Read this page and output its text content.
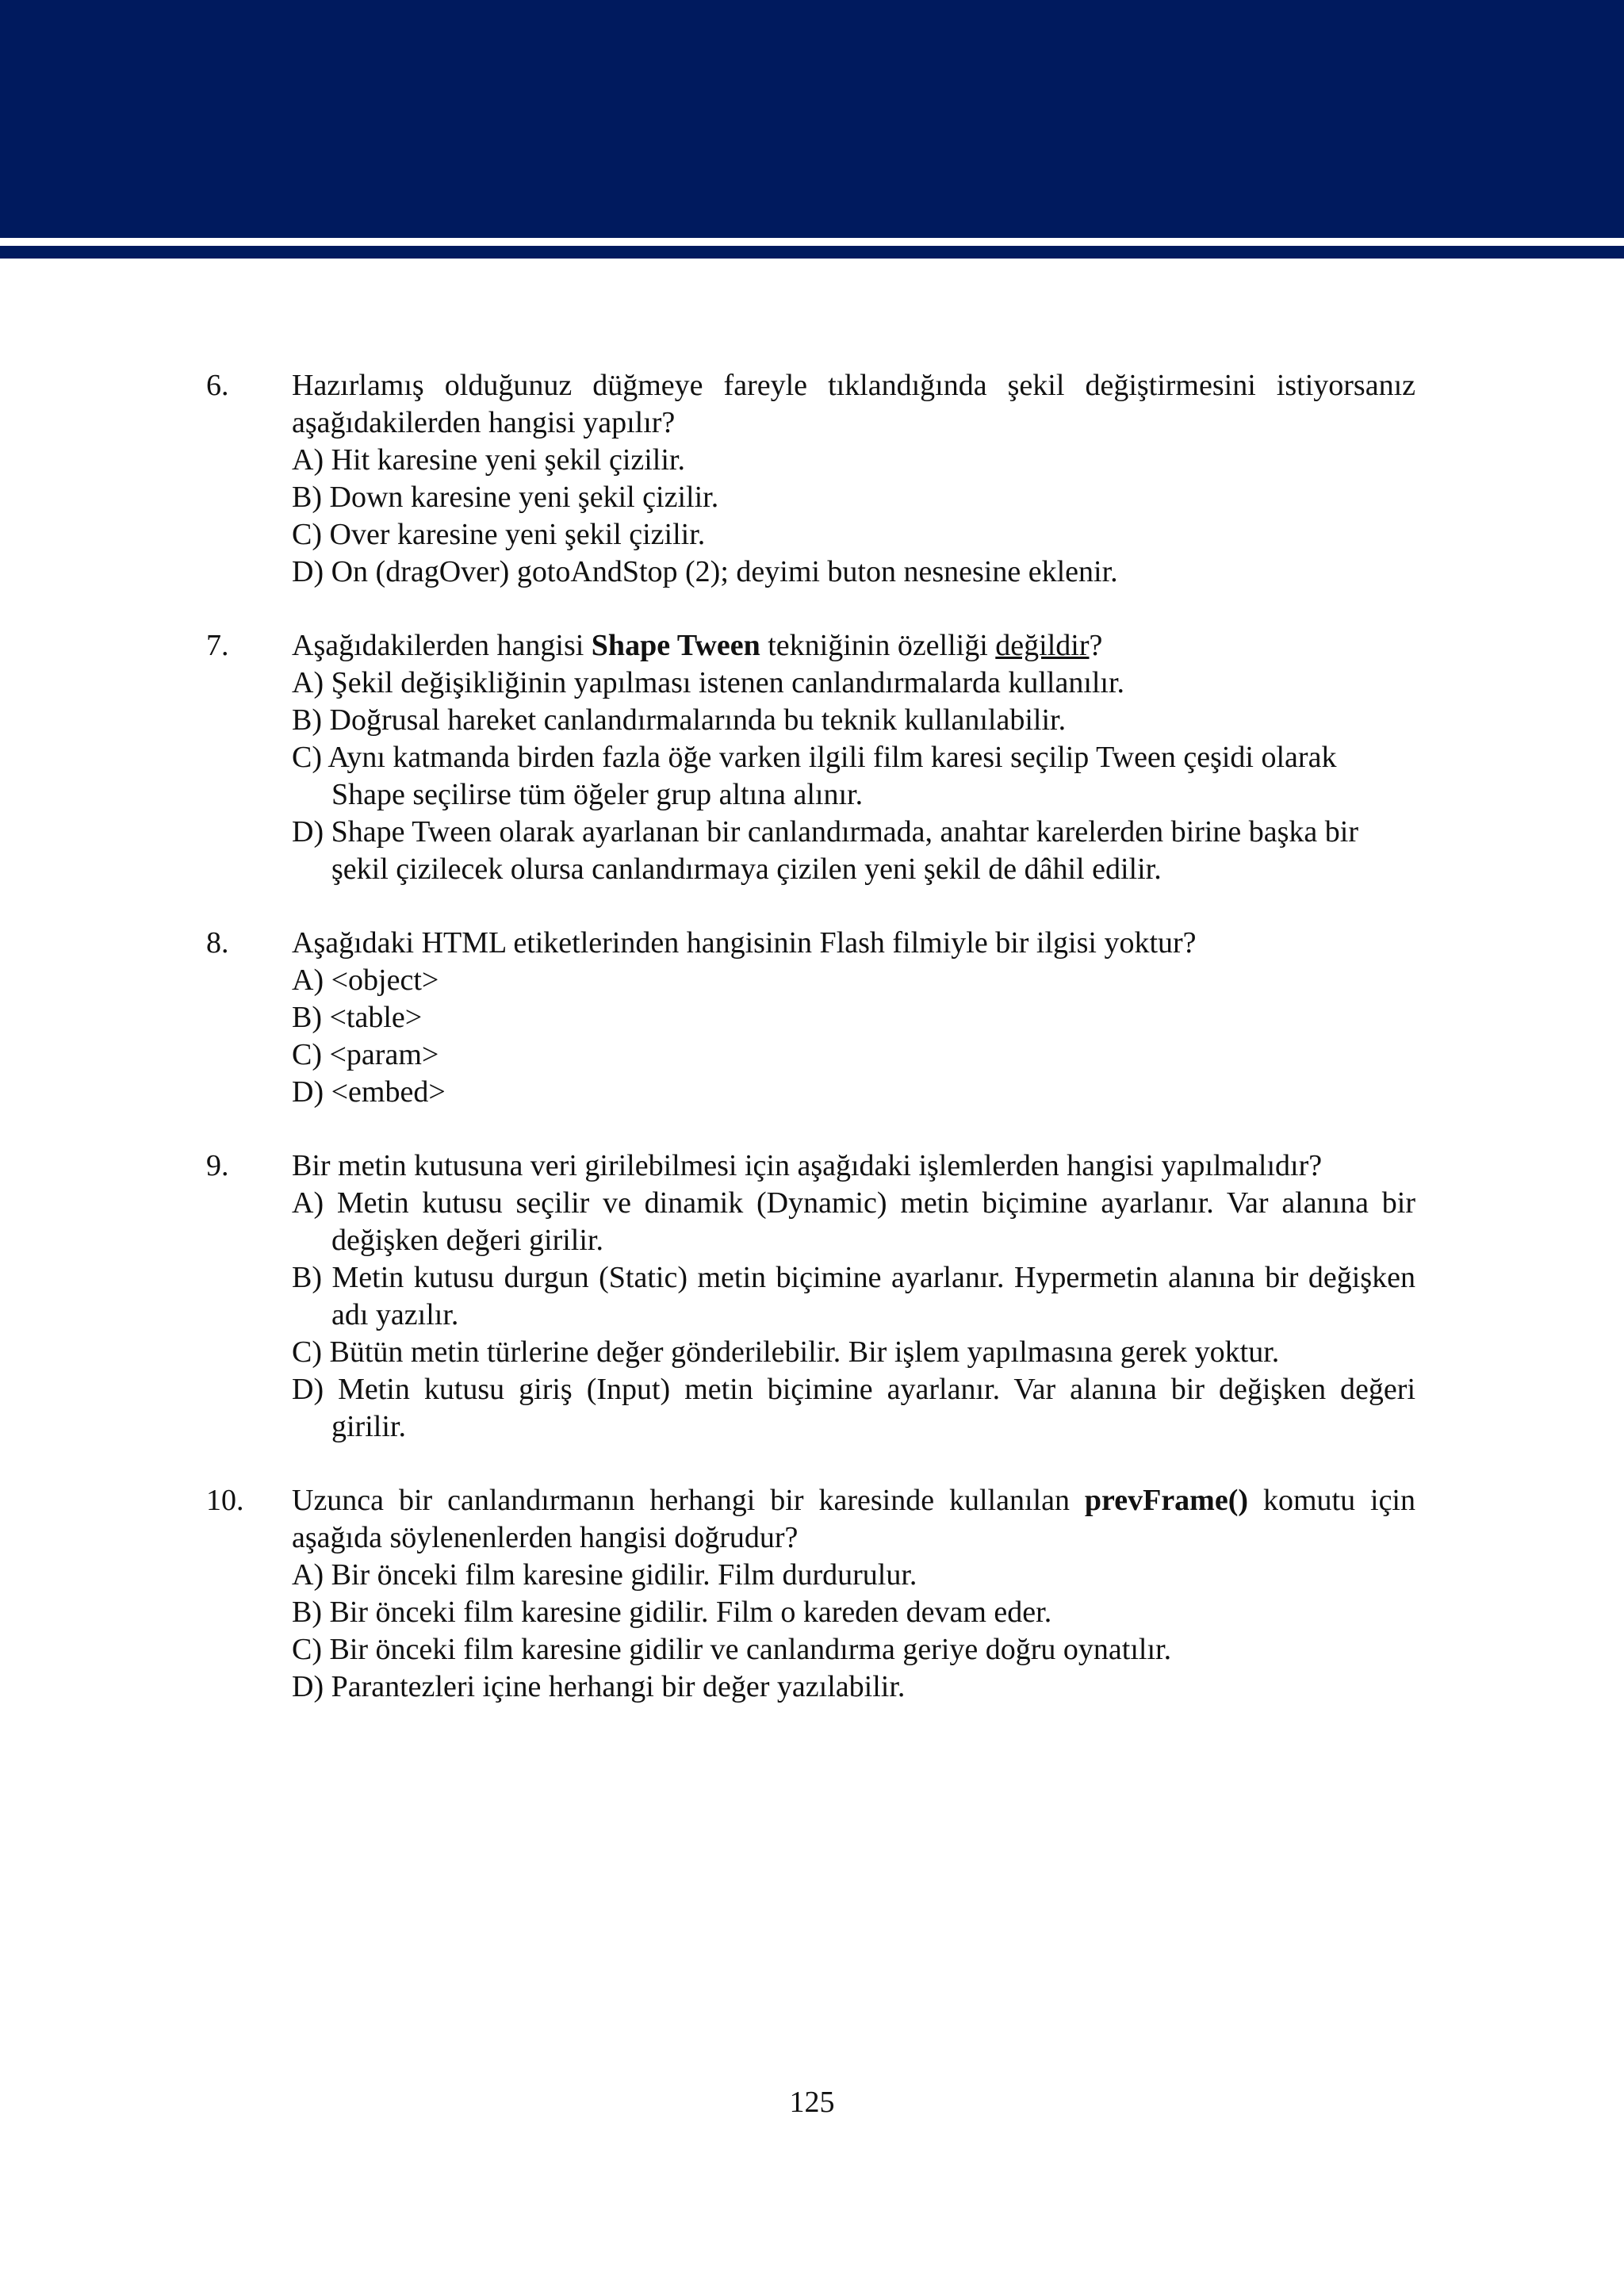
6. Hazırlamış olduğunuz düğmeye fareyle tıklandığında şekil değiştirmesini istiyorsanız aşağıdakilerden hangisi yapılır?
A) Hit karesine yeni şekil çizilir.
B) Down karesine yeni şekil çizilir.
C) Over karesine yeni şekil çizilir.
D) On (dragOver) gotoAndStop (2); deyimi buton nesnesine eklenir.
7. Aşağıdakilerden hangisi Shape Tween tekniğinin özelliği değildir?
A) Şekil değişikliğinin yapılması istenen canlandırmalarda kullanılır.
B) Doğrusal hareket canlandırmalarında bu teknik kullanılabilir.
C) Aynı katmanda birden fazla öğe varken ilgili film karesi seçilip Tween çeşidi olarak Shape seçilirse tüm öğeler grup altına alınır.
D) Shape Tween olarak ayarlanan bir canlandırmada, anahtar karelerden birine başka bir şekil çizilecek olursa canlandırmaya çizilen yeni şekil de dâhil edilir.
8. Aşağıdaki HTML etiketlerinden hangisinin Flash filmiyle bir ilgisi yoktur?
A) <object>
B) <table>
C) <param>
D) <embed>
9. Bir metin kutusuna veri girilebilmesi için aşağıdaki işlemlerden hangisi yapılmalıdır?
A) Metin kutusu seçilir ve dinamik (Dynamic) metin biçimine ayarlanır. Var alanına bir değişken değeri girilir.
B) Metin kutusu durgun (Static) metin biçimine ayarlanır. Hypermetin alanına bir değişken adı yazılır.
C) Bütün metin türlerine değer gönderilebilir. Bir işlem yapılmasına gerek yoktur.
D) Metin kutusu giriş (Input) metin biçimine ayarlanır. Var alanına bir değişken değeri girilir.
10. Uzunca bir canlandırmanın herhangi bir karesinde kullanılan prevFrame() komutu için aşağıda söylenenlerden hangisi doğrudur?
A) Bir önceki film karesine gidilir. Film durdurulur.
B) Bir önceki film karesine gidilir. Film o kareden devam eder.
C) Bir önceki film karesine gidilir ve canlandırma geriye doğru oynatılır.
D) Parantezleri içine herhangi bir değer yazılabilir.
125
